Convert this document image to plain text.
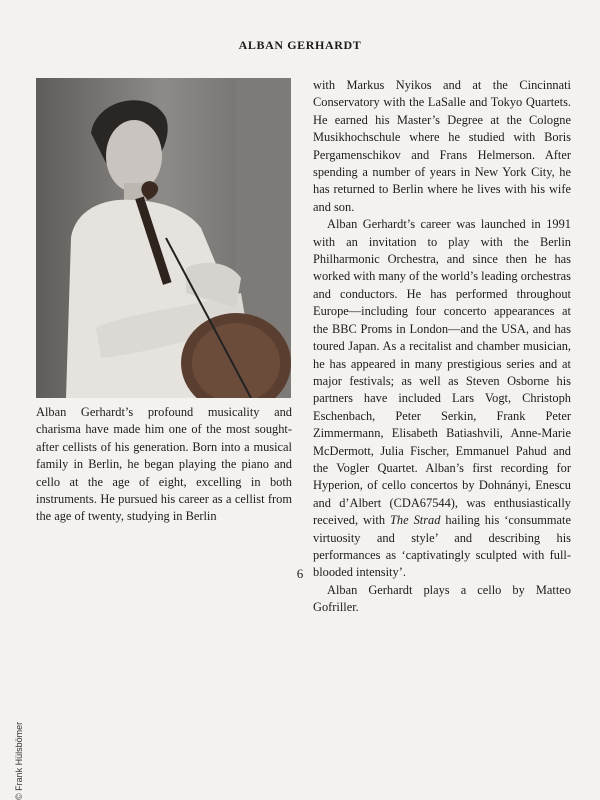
ALBAN GERHARDT
© Frank Hülsbömer

Alban Gerhardt’s profound musicality and charisma have made him one of the most sought-after cellists of his generation. Born into a musical family in Berlin, he began playing the piano and cello at the age of eight, excelling in both instruments. He pursued his career as a cellist from the age of twenty, studying in Berlin

with Markus Nyikos and at the Cincinnati Conservatory with the LaSalle and Tokyo Quartets. He earned his Master’s Degree at the Cologne Musikhochschule where he studied with Boris Pergamenschikov and Frans Helmerson. After spending a number of years in New York City, he has returned to Berlin where he lives with his wife and son.

Alban Gerhardt’s career was launched in 1991 with an invitation to play with the Berlin Philharmonic Orchestra, and since then he has worked with many of the world’s leading orchestras and conductors. He has performed throughout Europe—including four concerto appearances at the BBC Proms in London—and the USA, and has toured Japan. As a recitalist and chamber musician, he has appeared in many prestigious series and at major festivals; as well as Steven Osborne his partners have included Lars Vogt, Christoph Eschenbach, Peter Serkin, Frank Peter Zimmermann, Elisabeth Batiashvili, Anne-Marie McDermott, Julia Fischer, Emmanuel Pahud and the Vogler Quartet. Alban’s first recording for Hyperion, of cello concertos by Dohnányi, Enescu and d’Albert (CDA67544), was enthusiastically received, with The Strad hailing his ‘consummate virtuosity and style’ and describing his performances as ‘captivatingly sculpted with full-blooded intensity’.

Alban Gerhardt plays a cello by Matteo Gofriller.

6
